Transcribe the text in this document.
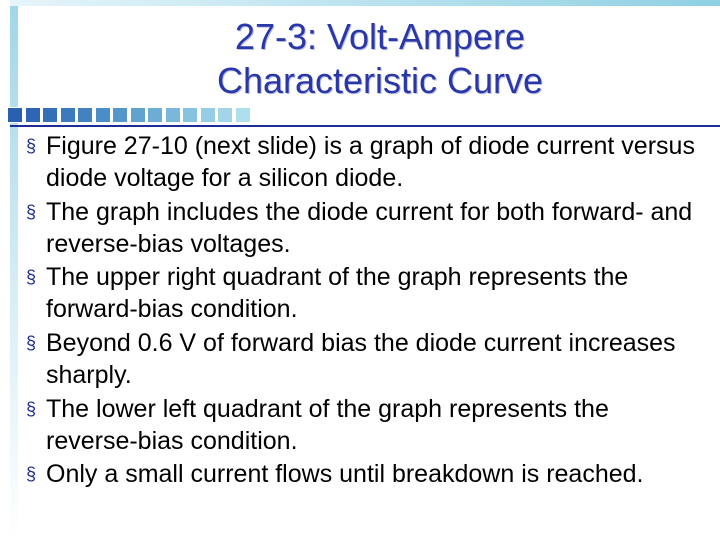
27-3: Volt-Ampere
Characteristic Curve
§ Figure 27-10 (next slide) is a graph of diode current versus diode voltage for a silicon diode.
§ The graph includes the diode current for both forward- and reverse-bias voltages.
§ The upper right quadrant of the graph represents the forward-bias condition.
§ Beyond 0.6 V of forward bias the diode current increases sharply.
§ The lower left quadrant of the graph represents the reverse-bias condition.
§ Only a small current flows until breakdown is reached.
